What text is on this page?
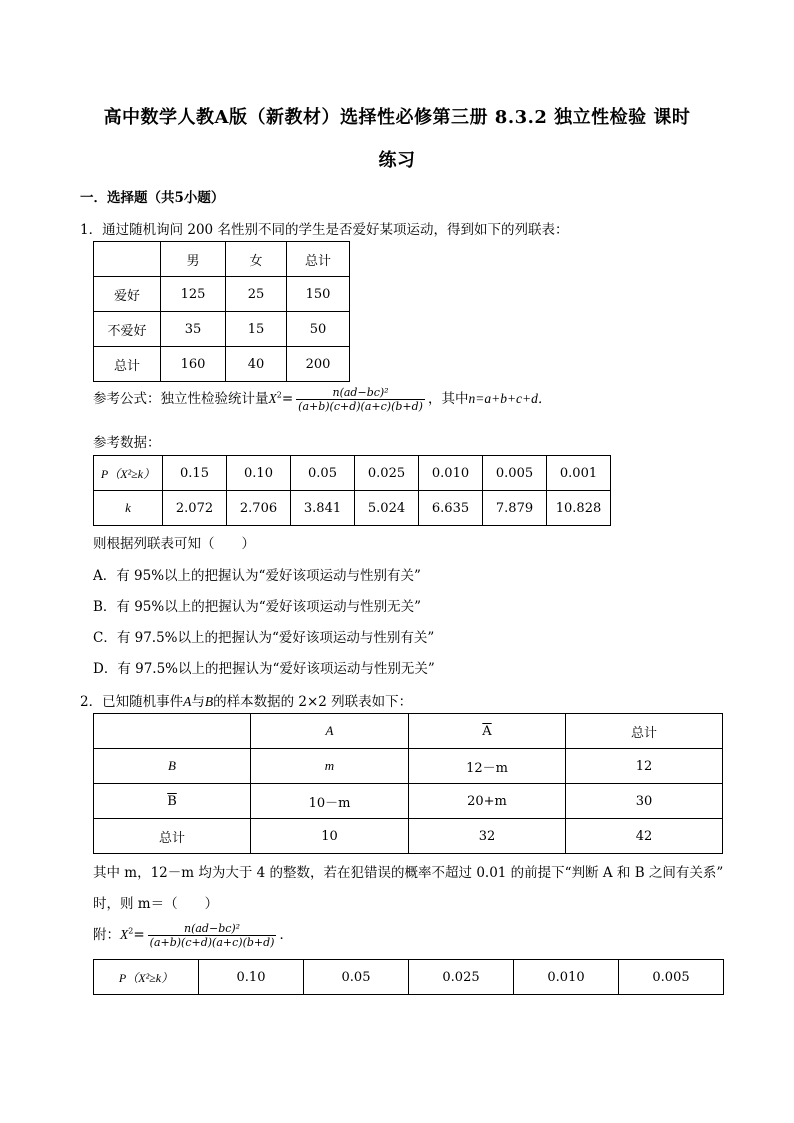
高中数学人教A版（新教材）选择性必修第三册 8.3.2 独立性检验 课时
练习
一．选择题（共5小题）
1．通过随机询问 200 名性别不同的学生是否爱好某项运动，得到如下的列联表：
	男	女	总计
爱好	125	25	150
不爱好	35	15	50
总计	160	40	200
参考公式：独立性检验统计量$X^2= \frac{\text{n(ad−bc)²}}{(a+b)(c+d)(a+c)(b+d)}$ ，其中n=a+b+c+d．
参考数据：
P（Χ²≥k）	0.15	0.10	0.05	0.025	0.010	0.005	0.001
k	2.072	2.706	3.841	5.024	6.635	7.879	10.828
则根据列联表可知（　　）
A．有 95%以上的把握认为“爱好该项运动与性别有关”
B．有 95%以上的把握认为“爱好该项运动与性别无关”
C．有 97.5%以上的把握认为“爱好该项运动与性别有关”
D．有 97.5%以上的把握认为“爱好该项运动与性别无关”
2．已知随机事件A与B的样本数据的 2×2 列联表如下：
	A	$\overline{A}$	总计
B	m	12－m	12
$\overline{B}$	10－m	20+m	30
总计	10	32	42
其中 m，12－m 均为大于 4 的整数，若在犯错误的概率不超过 0.01 的前提下“判断 A 和 B 之间有关系”
时，则 m＝（　　）
附：$X^2= \frac{\text{n(ad−bc)²}}{(a+b)(c+d)(a+c)(b+d)}$ ．
P（Χ²≥k）	0.10	0.05	0.025	0.010	0.005
